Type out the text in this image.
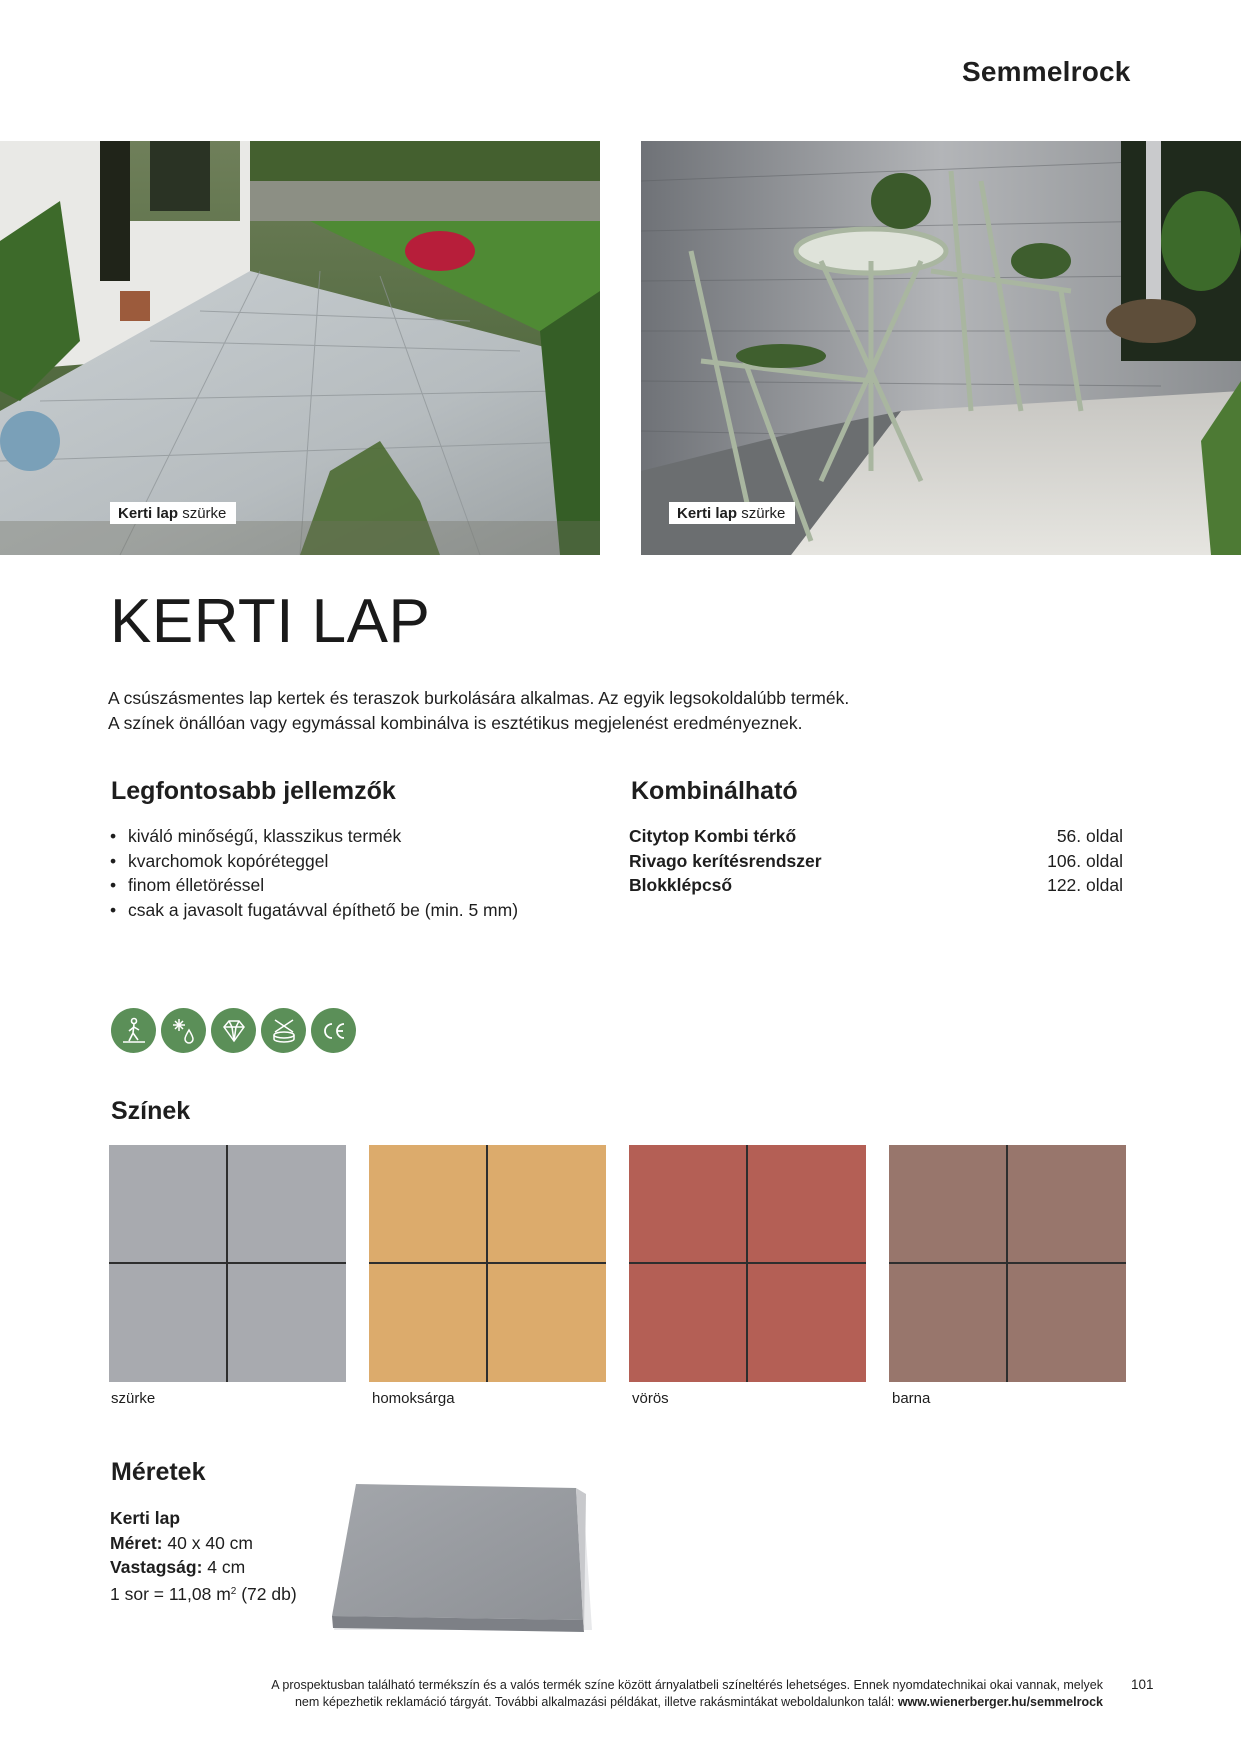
Semmelrock
Kerti lap szürke	Kerti lap szürke
KERTI LAP
A csúszásmentes lap kertek és teraszok burkolására alkalmas. Az egyik legsokoldalúbb termék.
A színek önállóan vagy egymással kombinálva is esztétikus megjelenést eredményeznek.
Legfontosabb jellemzők
• kiváló minőségű, klasszikus termék
• kvarchomok kopóréteggel
• finom élletöréssel
• csak a javasolt fugatávval építhető be (min. 5 mm)
Kombinálható
Citytop Kombi térkő	56. oldal
Rivago kerítésrendszer	106. oldal
Blokklépcső	122. oldal
Színek
szürke	homoksárga	vörös	barna
Méretek
Kerti lap
Méret: 40 x 40 cm
Vastagság: 4 cm
1 sor = 11,08 $m^2$ (72 db)
A prospektusban található termékszín és a valós termék színe között árnyalatbeli színeltérés lehetséges. Ennek nyomdatechnikai okai vannak, melyek
nem képezhetik reklamáció tárgyát. További alkalmazási példákat, illetve rakásmintákat weboldalunkon talál: www.wienerberger.hu/semmelrock
101
